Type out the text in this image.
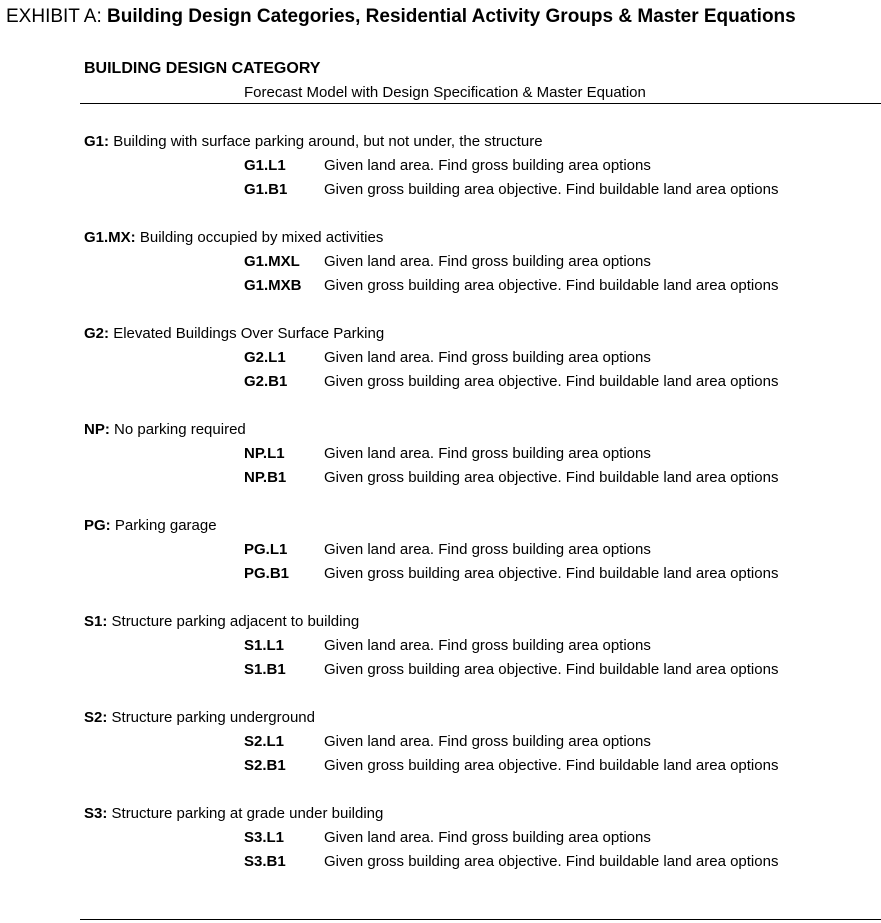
EXHIBIT A: Building Design Categories, Residential Activity Groups & Master Equations
BUILDING DESIGN CATEGORY
Forecast Model with Design Specification & Master Equation
G1: Building with surface parking around, but not under, the structure
G1.L1	Given land area. Find gross building area options
G1.B1 Given gross building area objective. Find buildable land area options
G1.MX: Building occupied by mixed activities
G1.MXL Given land area. Find gross building area options
G1.MXB Given gross building area objective. Find buildable land area options
G2: Elevated Buildings Over Surface Parking
G2.L1	Given land area. Find gross building area options
G2.B1 Given gross building area objective. Find buildable land area options
NP: No parking required
NP.L1	Given land area. Find gross building area options
NP.B1	Given gross building area objective. Find buildable land area options
PG: Parking garage
PG.L1 Given land area. Find gross building area options
PG.B1 Given gross building area objective. Find buildable land area options
S1: Structure parking adjacent to building
S1.L1	Given land area. Find gross building area options
S1.B1	Given gross building area objective. Find buildable land area options
S2: Structure parking underground
S2.L1	Given land area. Find gross building area options
S2.B1	Given gross building area objective. Find buildable land area options
S3: Structure parking at grade under building
S3.L1	Given land area. Find gross building area options
S3.B1	Given gross building area objective. Find buildable land area options
